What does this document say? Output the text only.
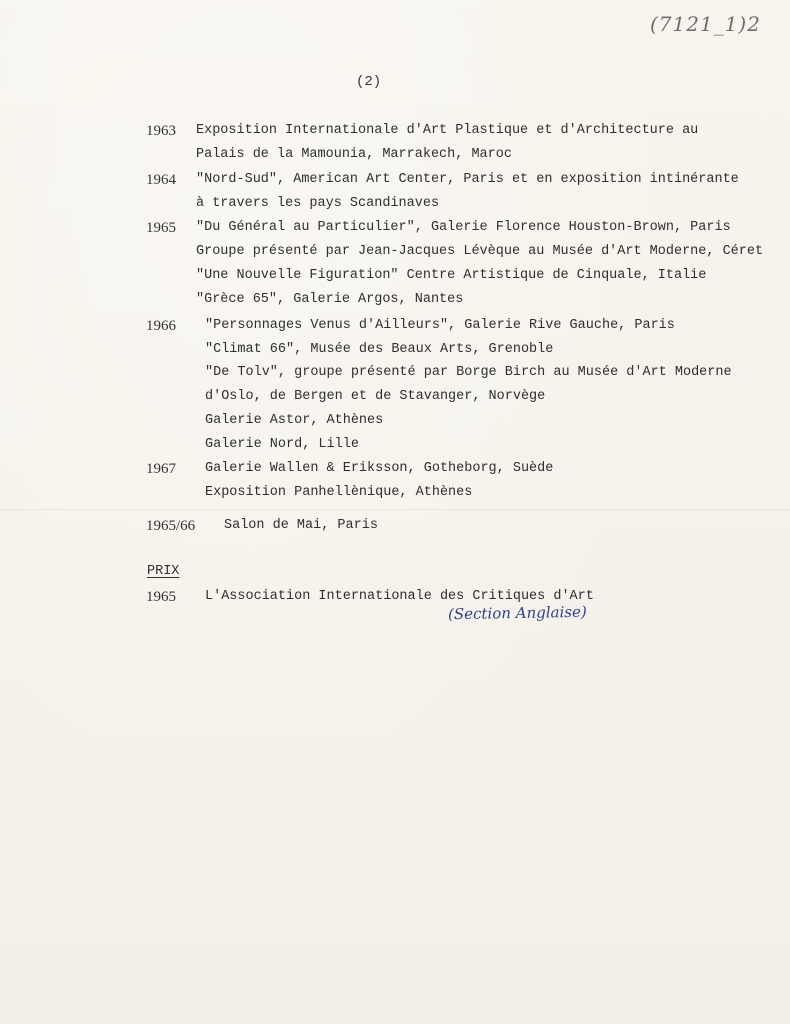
(7121_1)2
(2)
1963 Exposition Internationale d'Art Plastique et d'Architecture au
Palais de la Mamounia, Marrakech, Maroc
1964 "Nord-Sud", American Art Center, Paris et en exposition intinérante
à travers les pays Scandinaves
1965 "Du Général au Particulier", Galerie Florence Houston-Brown, Paris
Groupe présenté par Jean-Jacques Lévèque au Musée d'Art Moderne, Céret
"Une Nouvelle Figuration" Centre Artistique de Cinquale, Italie
"Grèce 65", Galerie Argos, Nantes
1966 "Personnages Venus d'Ailleurs", Galerie Rive Gauche, Paris
"Climat 66", Musée des Beaux Arts, Grenoble
"De Tolv", groupe présenté par Borge Birch au Musée d'Art Moderne
d'Oslo, de Bergen et de Stavanger, Norvège
Galerie Astor, Athènes
Galerie Nord, Lille
1967 Galerie Wallen & Eriksson, Gotheborg, Suède
Exposition Panhellènique, Athènes
1965/66 Salon de Mai, Paris
PRIX
1965 L'Association Internationale des Critiques d'Art
(Section Anglaise)
